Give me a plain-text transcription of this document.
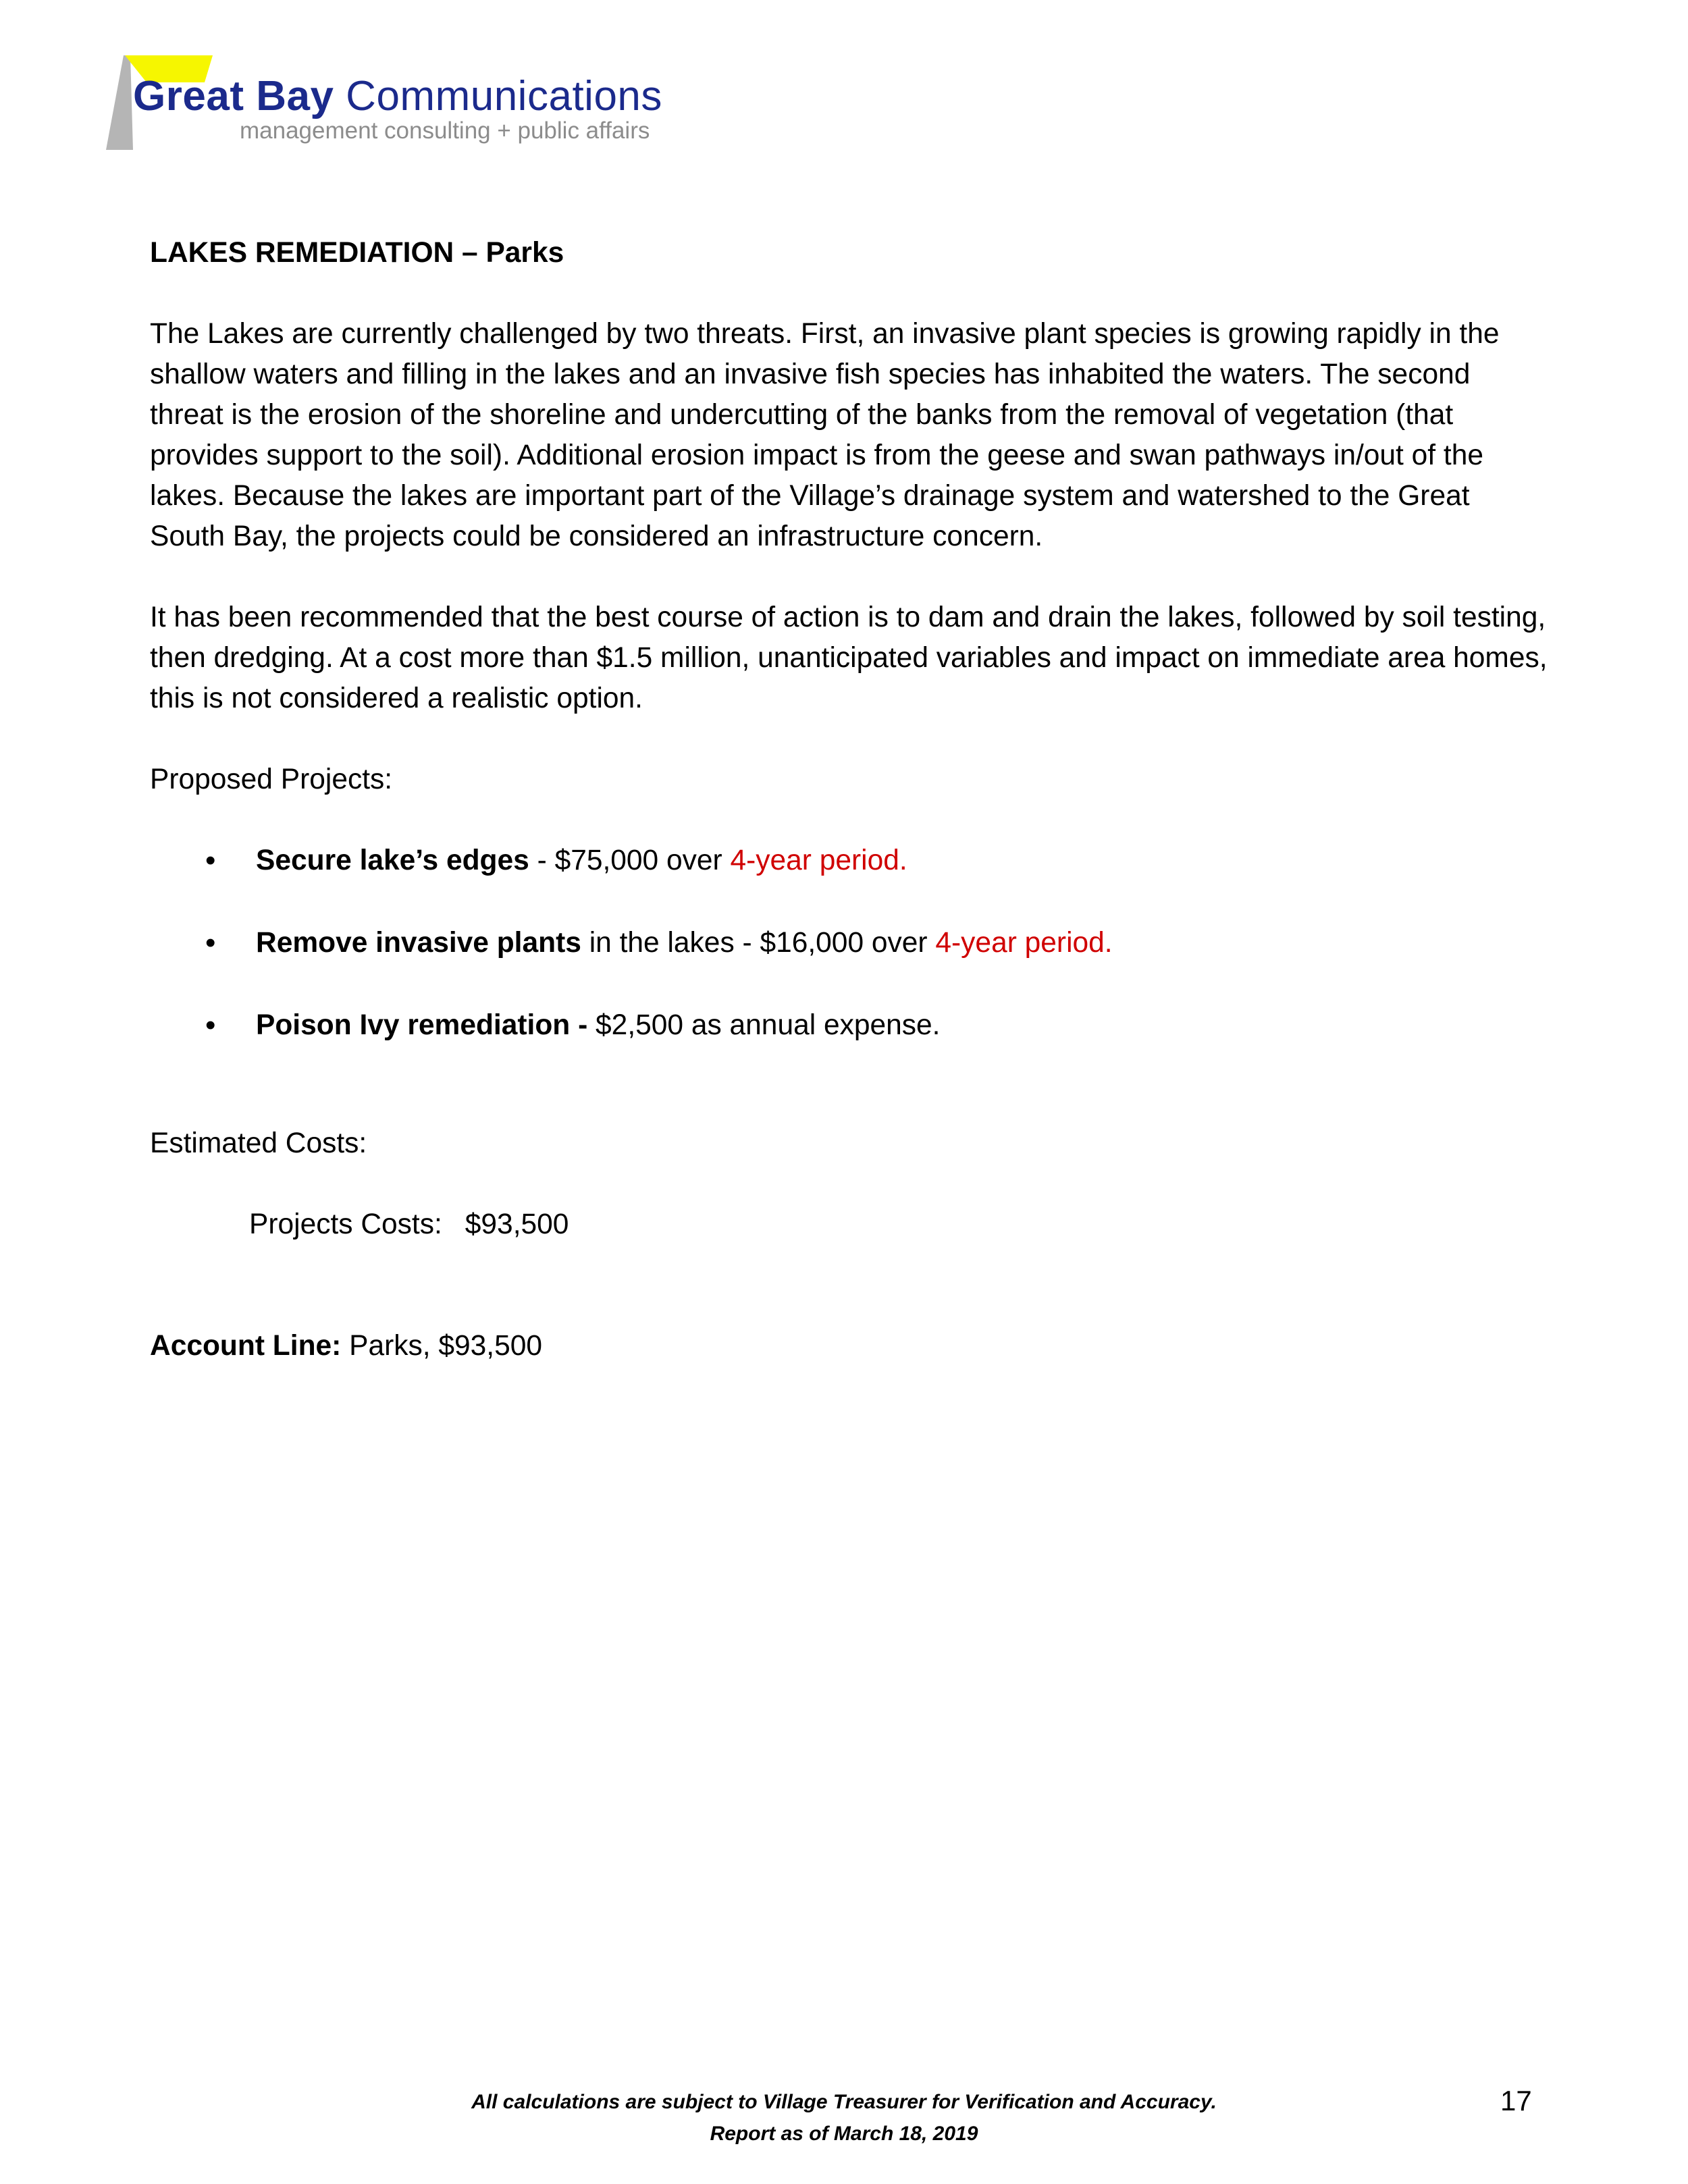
Great Bay Communications
management consulting + public affairs

LAKES REMEDIATION – Parks

The Lakes are currently challenged by two threats. First, an invasive plant species is growing rapidly in the shallow waters and filling in the lakes and an invasive fish species has inhabited the waters. The second threat is the erosion of the shoreline and undercutting of the banks from the removal of vegetation (that provides support to the soil). Additional erosion impact is from the geese and swan pathways in/out of the lakes. Because the lakes are important part of the Village’s drainage system and watershed to the Great South Bay, the projects could be considered an infrastructure concern.

It has been recommended that the best course of action is to dam and drain the lakes, followed by soil testing, then dredging. At a cost more than $1.5 million, unanticipated variables and impact on immediate area homes, this is not considered a realistic option.

Proposed Projects:

• Secure lake’s edges - $75,000 over 4-year period.
• Remove invasive plants in the lakes - $16,000 over 4-year period.
• Poison Ivy remediation - $2,500 as annual expense.

Estimated Costs:

Projects Costs: $93,500

Account Line: Parks, $93,500

All calculations are subject to Village Treasurer for Verification and Accuracy.
Report as of March 18, 2019
17
